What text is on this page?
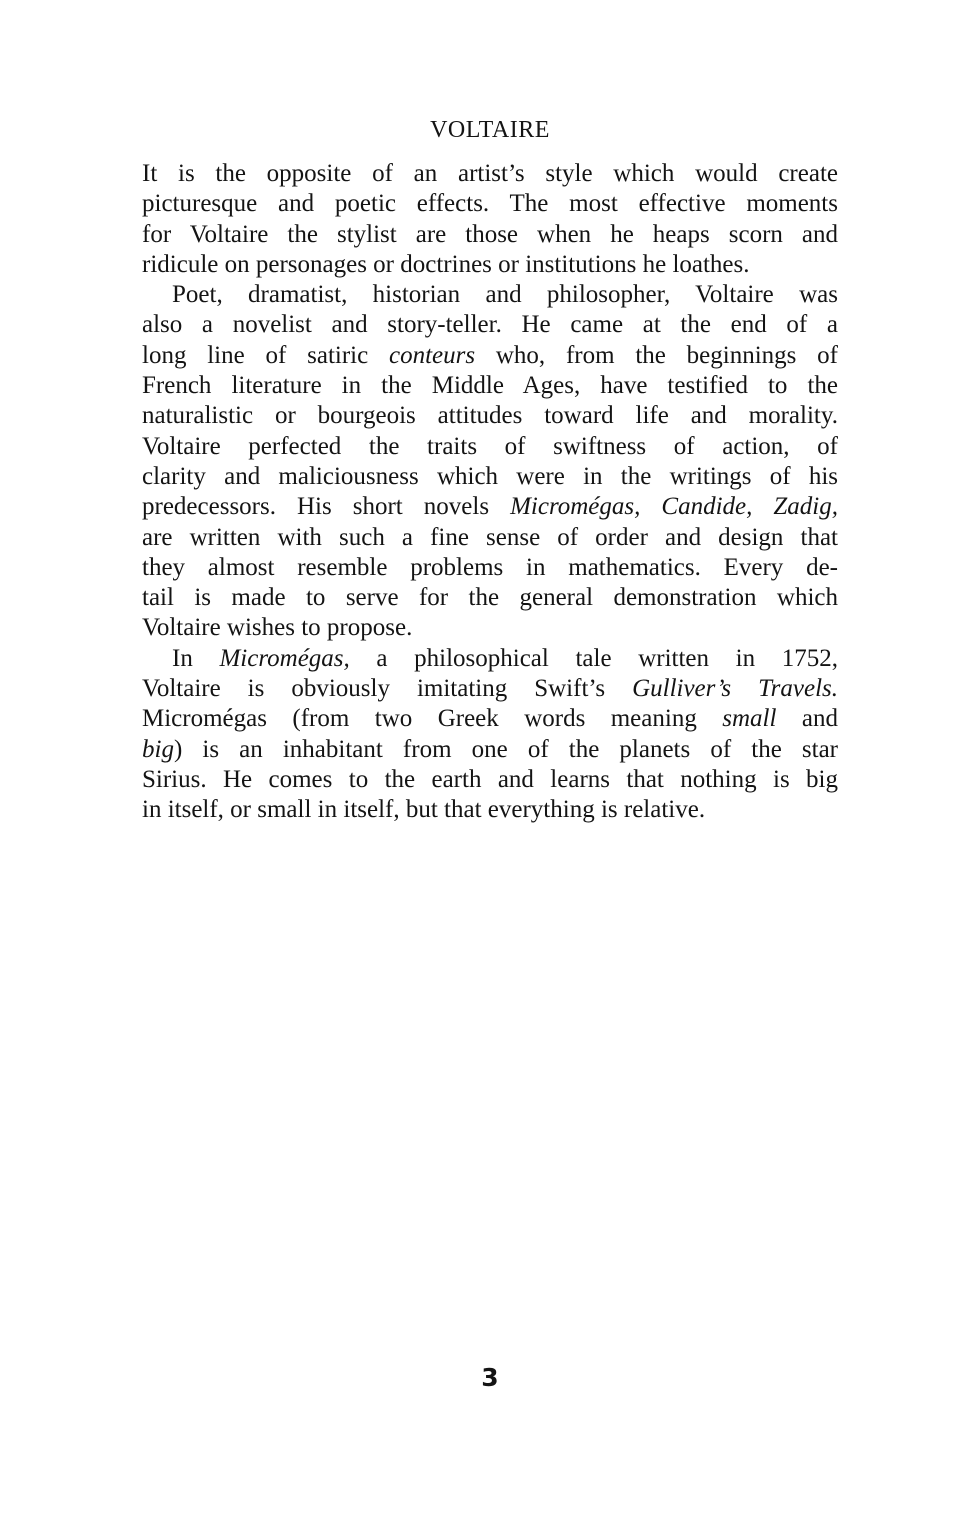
VOLTAIRE
It is the opposite of an artist’s style which would create
picturesque and poetic effects. The most effective moments
for Voltaire the stylist are those when he heaps scorn and
ridicule on personages or doctrines or institutions he loathes.
Poet, dramatist, historian and philosopher, Voltaire was
also a novelist and story-teller. He came at the end of a
long line of satiric conteurs who, from the beginnings of
French literature in the Middle Ages, have testified to the
naturalistic or bourgeois attitudes toward life and morality.
Voltaire perfected the traits of swiftness of action, of
clarity and maliciousness which were in the writings of his
predecessors. His short novels Micromégas, Candide, Zadig,
are written with such a fine sense of order and design that
they almost resemble problems in mathematics. Every de-
tail is made to serve for the general demonstration which
Voltaire wishes to propose.
In Micromégas, a philosophical tale written in 1752,
Voltaire is obviously imitating Swift’s Gulliver’s Travels.
Micromégas (from two Greek words meaning small and
big) is an inhabitant from one of the planets of the star
Sirius. He comes to the earth and learns that nothing is big
in itself, or small in itself, but that everything is relative.
3
